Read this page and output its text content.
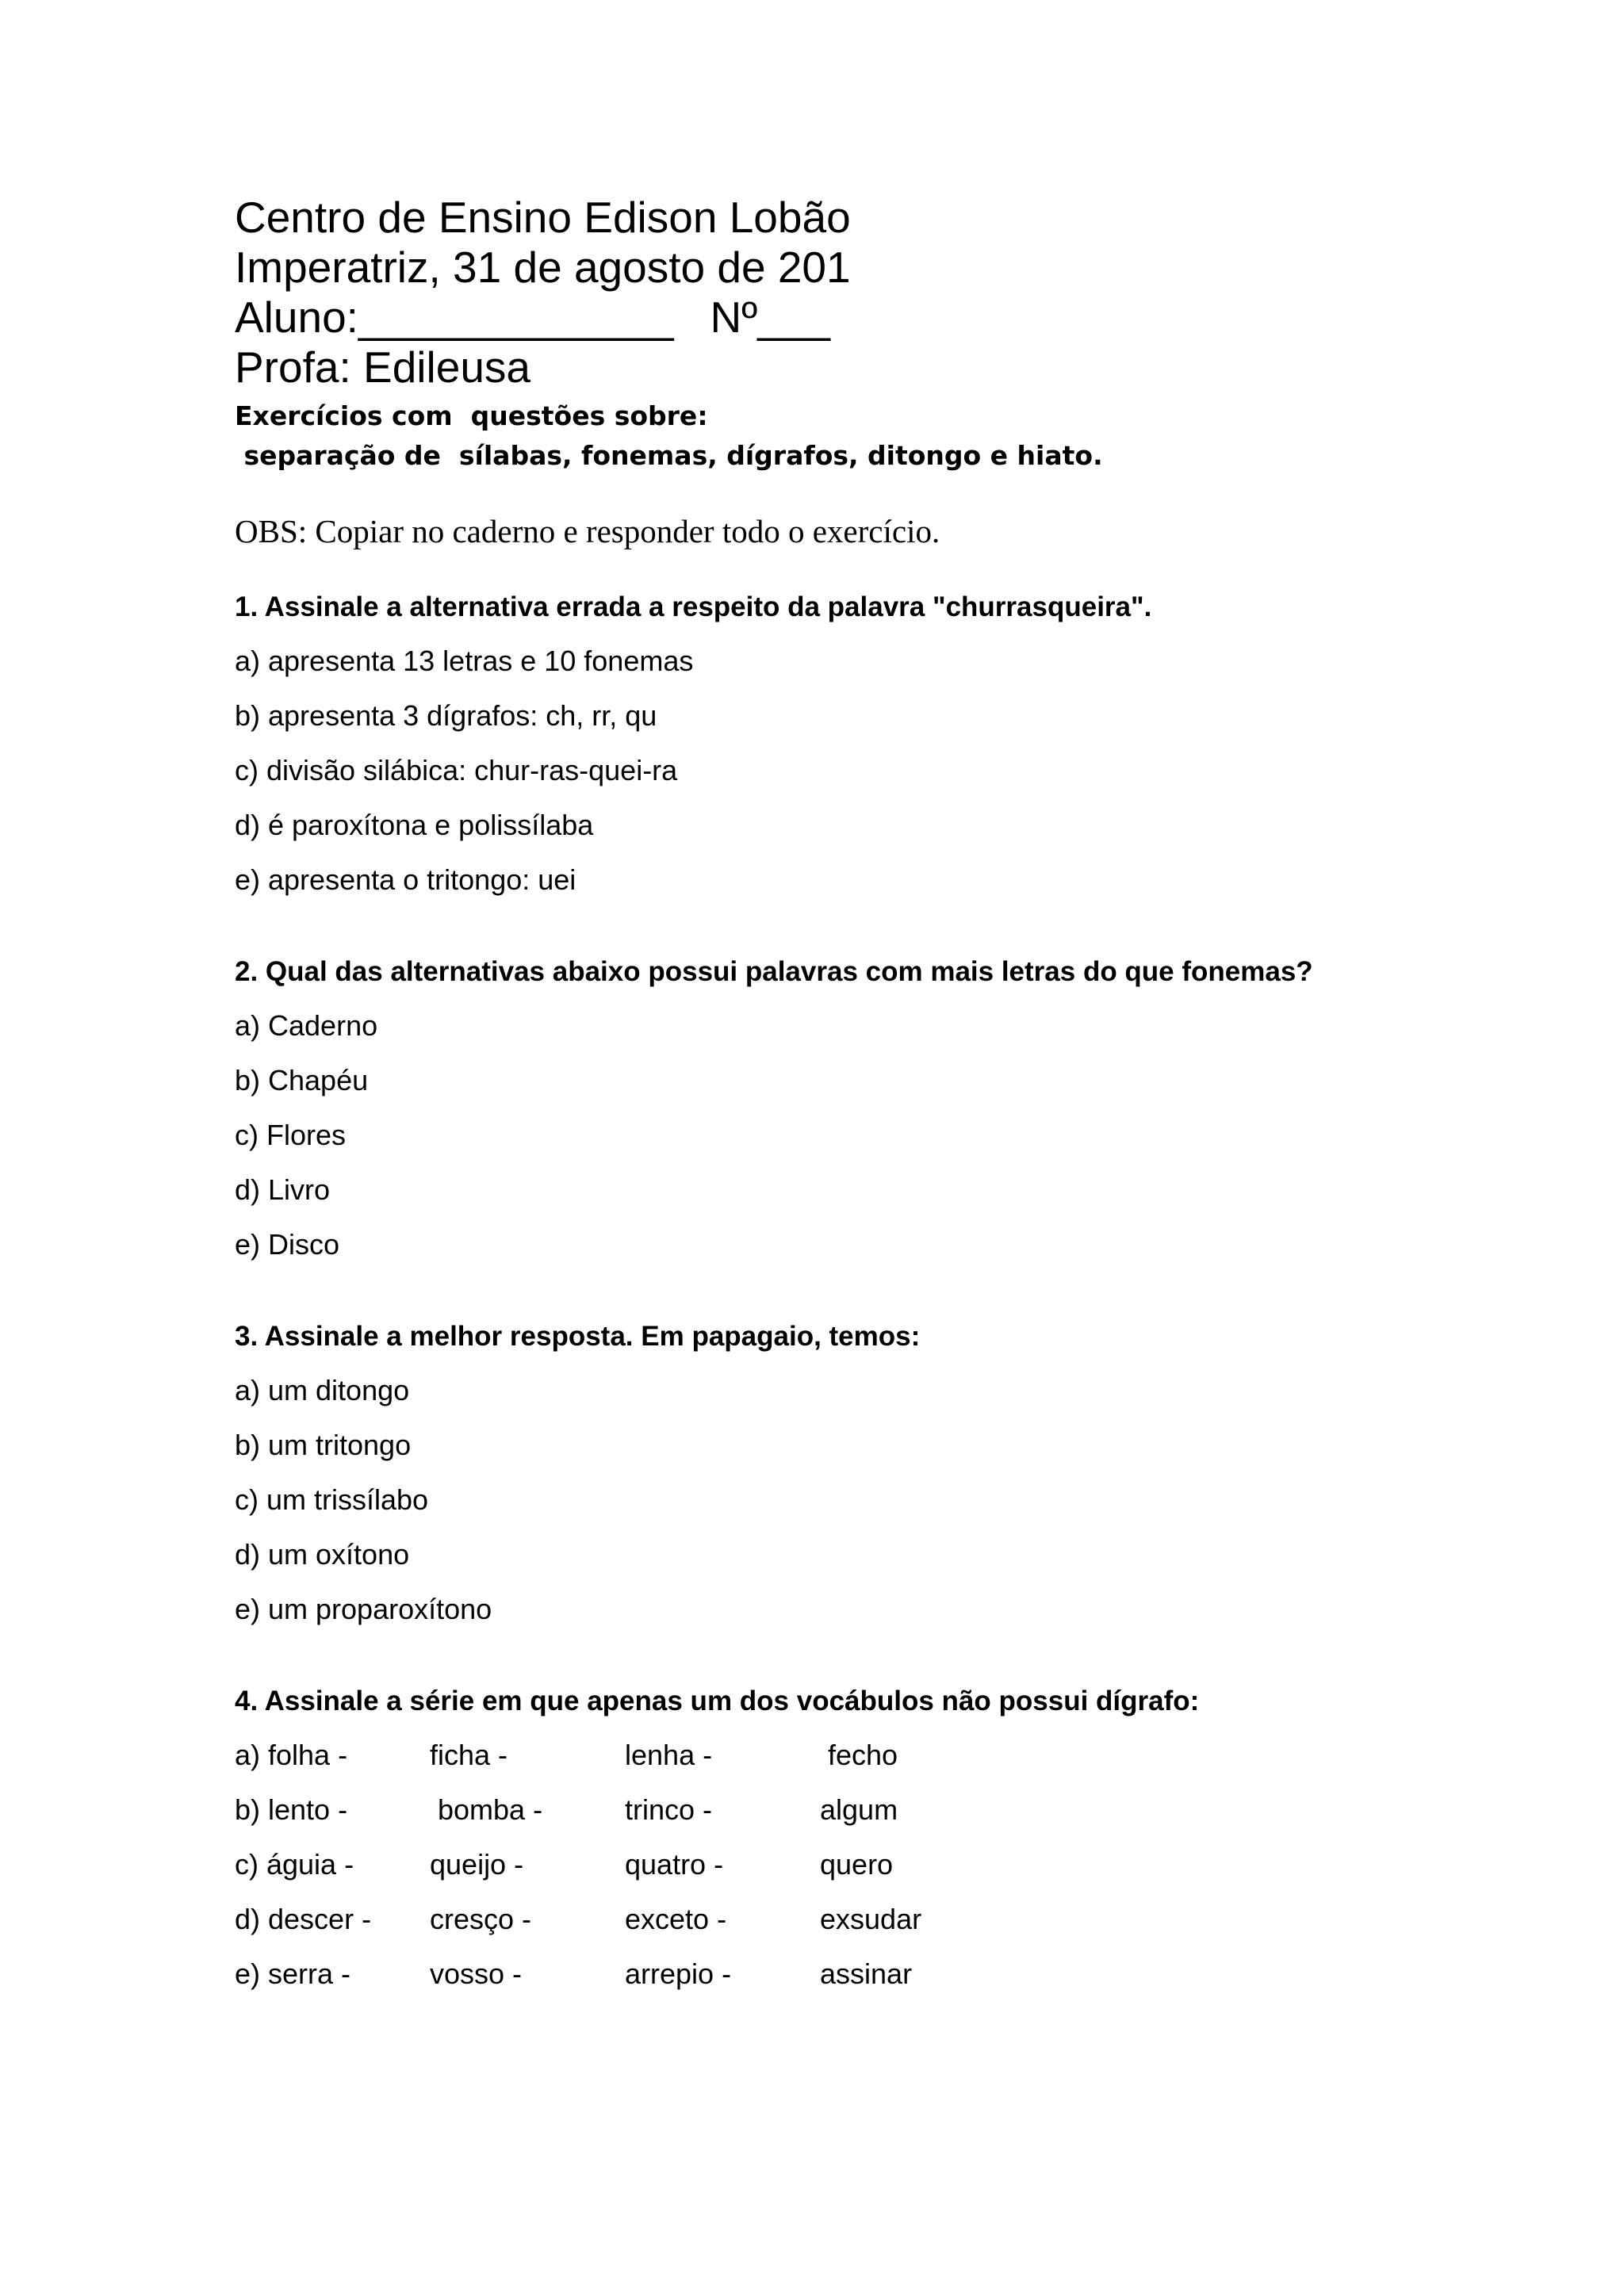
Centro de Ensino Edison Lobão
Imperatriz, 31 de agosto de 201
Aluno:_____________   Nº___
Profa: Edileusa
Exercícios com  questões sobre:
separação de  sílabas, fonemas, dígrafos, ditongo e hiato.
OBS: Copiar no caderno e responder todo o exercício.
1. Assinale a alternativa errada a respeito da palavra "churrasqueira".
a) apresenta 13 letras e 10 fonemas
b) apresenta 3 dígrafos: ch, rr, qu
c) divisão silábica: chur-ras-quei-ra
d) é paroxítona e polissílaba
e) apresenta o tritongo: uei
2. Qual das alternativas abaixo possui palavras com mais letras do que fonemas?
a) Caderno
b) Chapéu
c) Flores
d) Livro
e) Disco
3. Assinale a melhor resposta. Em papagaio, temos:
a) um ditongo
b) um tritongo
c) um trissílabo
d) um oxítono
e) um proparoxítono
4. Assinale a série em que apenas um dos vocábulos não possui dígrafo:
a) folha -	ficha -	lenha -	fecho
b) lento -	bomba -	trinco -	algum
c) águia -	queijo -	quatro -	quero
d) descer - cresço -	exceto -	exsudar
e) serra -	vosso -	arrepio -	assinar
